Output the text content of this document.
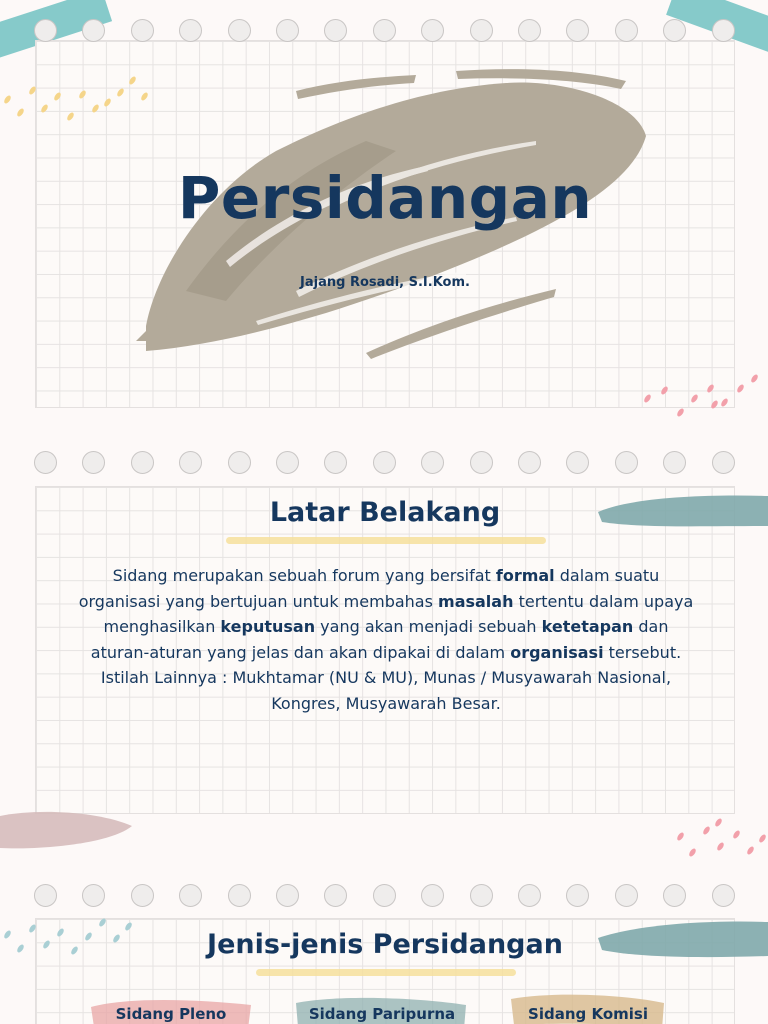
Persidangan
Jajang Rosadi, S.I.Kom.
Latar Belakang
Sidang merupakan sebuah forum yang bersifat formal dalam suatu organisasi yang bertujuan untuk membahas masalah tertentu dalam upaya menghasilkan keputusan yang akan menjadi sebuah ketetapan dan aturan-aturan yang jelas dan akan dipakai di dalam organisasi tersebut.
Istilah Lainnya : Mukhtamar (NU & MU), Munas / Musyawarah Nasional, Kongres, Musyawarah Besar.
Jenis-jenis Persidangan
Sidang Pleno	Sidang Paripurna	Sidang Komisi
